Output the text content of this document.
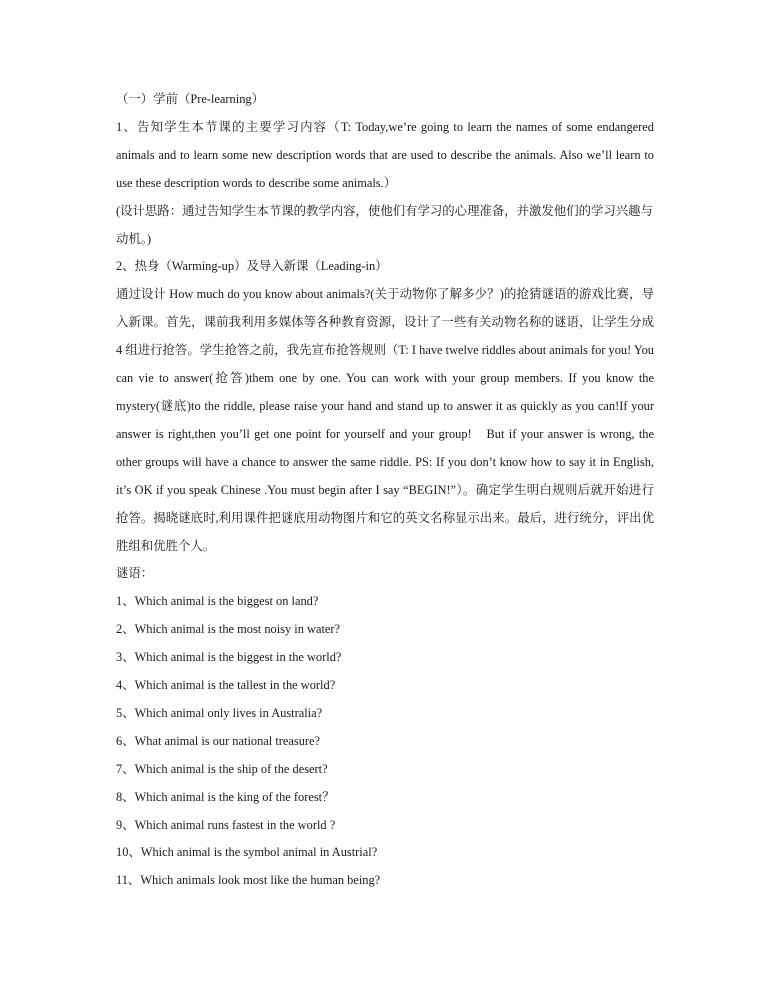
（一）学前（Pre-learning）

1、告知学生本节课的主要学习内容（T: Today,we’re going to learn the names of some endangered animals and to learn some new description words that are used to describe the animals. Also we’ll learn to use these description words to describe some animals.）

(设计思路：通过告知学生本节课的教学内容，使他们有学习的心理准备，并激发他们的学习兴趣与动机。)

2、热身（Warming-up）及导入新课（Leading-in）

通过设计 How much do you know about animals?(关于动物你了解多少？)的抢猜谜语的游戏比赛，导入新课。首先，课前我利用多媒体等各种教育资源，设计了一些有关动物名称的谜语，让学生分成 4 组进行抢答。学生抢答之前，我先宣布抢答规则（T: I have twelve riddles about animals for you! You can vie to answer(抢答)them one by one. You can work with your group members. If you know the mystery(谜底)to the riddle, please raise your hand and stand up to answer it as quickly as you can!If your answer is right,then you’ll get one point for yourself and your group!　But if your answer is wrong, the other groups will have a chance to answer the same riddle. PS: If you don’t know how to say it in English, it’s OK if you speak Chinese .You must begin after I say “BEGIN!”）。确定学生明白规则后就开始进行抢答。揭晓谜底时,利用课件把谜底用动物图片和它的英文名称显示出来。最后，进行统分，评出优胜组和优胜个人。

谜语：

1、Which animal is the biggest on land?
2、Which animal is the most noisy in water?
3、Which animal is the biggest in the world?
4、Which animal is the tallest in the world?
5、Which animal only lives in Australia?
6、What animal is our national treasure?
7、Which animal is the ship of the desert?
8、Which animal is the king of the forest？
9、Which animal runs fastest in the world ?
10、Which animal is the symbol animal in Austrial?
11、Which animals look most like the human being?
